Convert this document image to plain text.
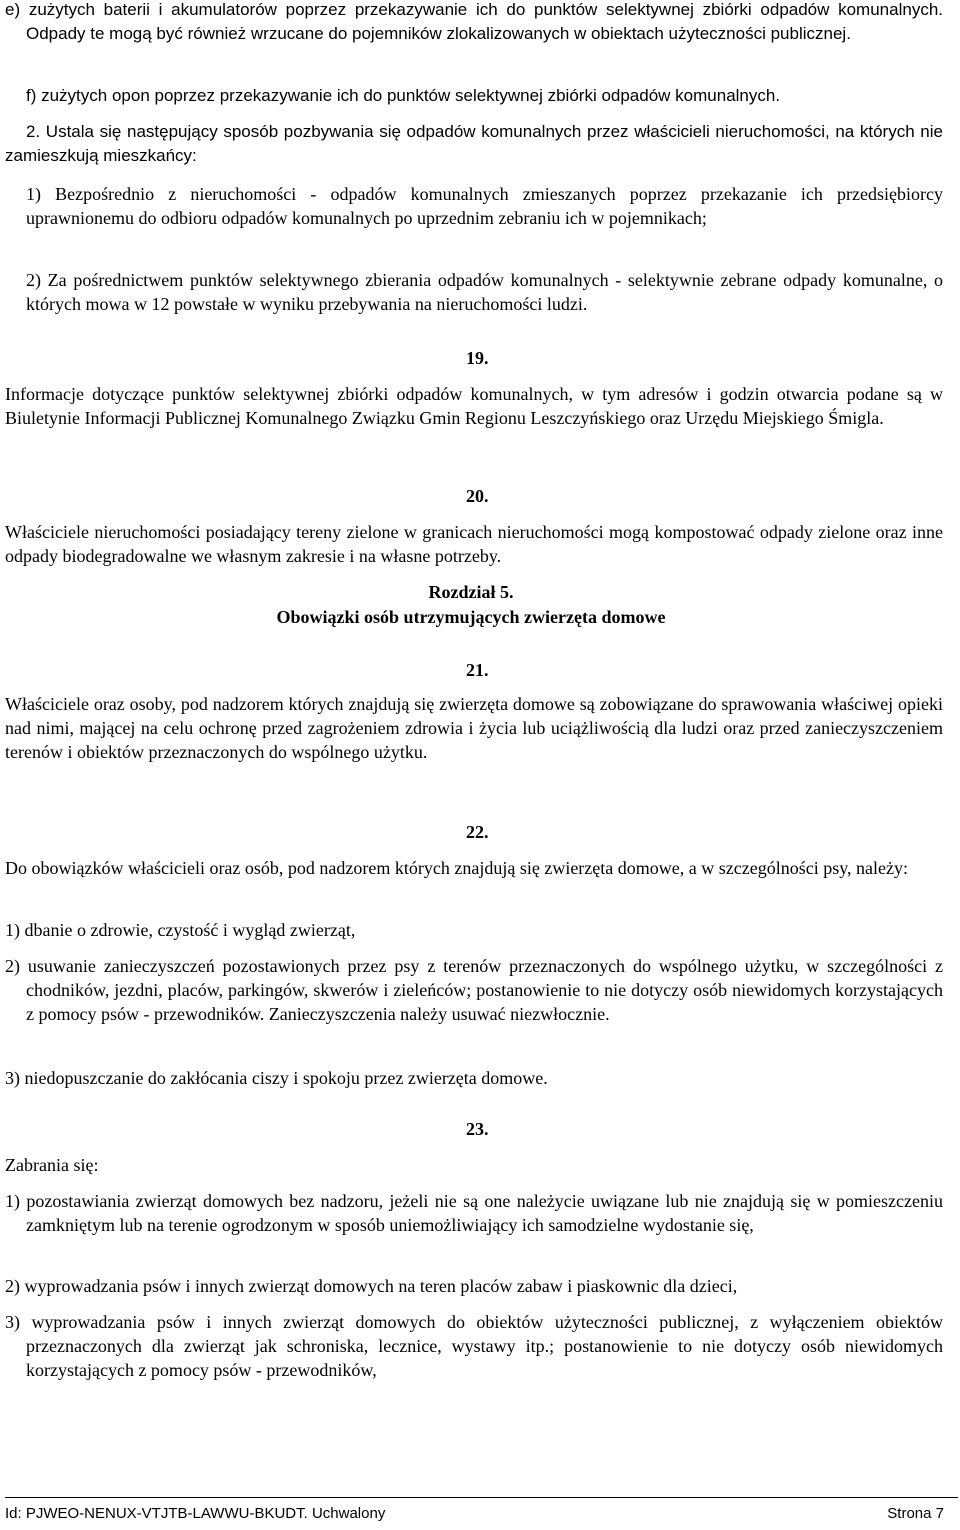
e) zużytych baterii i akumulatorów poprzez przekazywanie ich do punktów selektywnej zbiórki odpadów komunalnych. Odpady te mogą być również wrzucane do pojemników zlokalizowanych w obiektach użyteczności publicznej.

f) zużytych opon poprzez przekazywanie ich do punktów selektywnej zbiórki odpadów komunalnych.

2. Ustala się następujący sposób pozbywania się odpadów komunalnych przez właścicieli nieruchomości, na których nie zamieszkują mieszkańcy:

1) Bezpośrednio z nieruchomości - odpadów komunalnych zmieszanych poprzez przekazanie ich przedsiębiorcy uprawnionemu do odbioru odpadów komunalnych po uprzednim zebraniu ich w pojemnikach;

2) Za pośrednictwem punktów selektywnego zbierania odpadów komunalnych - selektywnie zebrane odpady komunalne, o których mowa w 12 powstałe w wyniku przebywania na nieruchomości ludzi.

19.

Informacje dotyczące punktów selektywnej zbiórki odpadów komunalnych, w tym adresów i godzin otwarcia podane są w Biuletynie Informacji Publicznej Komunalnego Związku Gmin Regionu Leszczyńskiego oraz Urzędu Miejskiego Śmigla.

20.

Właściciele nieruchomości posiadający tereny zielone w granicach nieruchomości mogą kompostować odpady zielone oraz inne odpady biodegradowalne we własnym zakresie i na własne potrzeby.

Rozdział 5.

Obowiązki osób utrzymujących zwierzęta domowe

21.

Właściciele oraz osoby, pod nadzorem których znajdują się zwierzęta domowe są zobowiązane do sprawowania właściwej opieki nad nimi, mającej na celu ochronę przed zagrożeniem zdrowia i życia lub uciążliwością dla ludzi oraz przed zanieczyszczeniem terenów i obiektów przeznaczonych do wspólnego użytku.

22.

Do obowiązków właścicieli oraz osób, pod nadzorem których znajdują się zwierzęta domowe, a w szczególności psy, należy:

1) dbanie o zdrowie, czystość i wygląd zwierząt,

2) usuwanie zanieczyszczeń pozostawionych przez psy z terenów przeznaczonych do wspólnego użytku, w szczególności z chodników, jezdni, placów, parkingów, skwerów i zieleńców; postanowienie to nie dotyczy osób niewidomych korzystających z pomocy psów - przewodników. Zanieczyszczenia należy usuwać niezwłocznie.

3) niedopuszczanie do zakłócania ciszy i spokoju przez zwierzęta domowe.

23.

Zabrania się:

1) pozostawiania zwierząt domowych bez nadzoru, jeżeli nie są one należycie uwiązane lub nie znajdują się w pomieszczeniu zamkniętym lub na terenie ogrodzonym w sposób uniemożliwiający ich samodzielne wydostanie się,

2) wyprowadzania psów i innych zwierząt domowych na teren placów zabaw i piaskownic dla dzieci,

3) wyprowadzania psów i innych zwierząt domowych do obiektów użyteczności publicznej, z wyłączeniem obiektów przeznaczonych dla zwierząt jak schroniska, lecznice, wystawy itp.; postanowienie to nie dotyczy osób niewidomych korzystających z pomocy psów - przewodników,

Id: PJWEO-NENUX-VTJTB-LAWWU-BKUDT. Uchwalony	Strona 7
